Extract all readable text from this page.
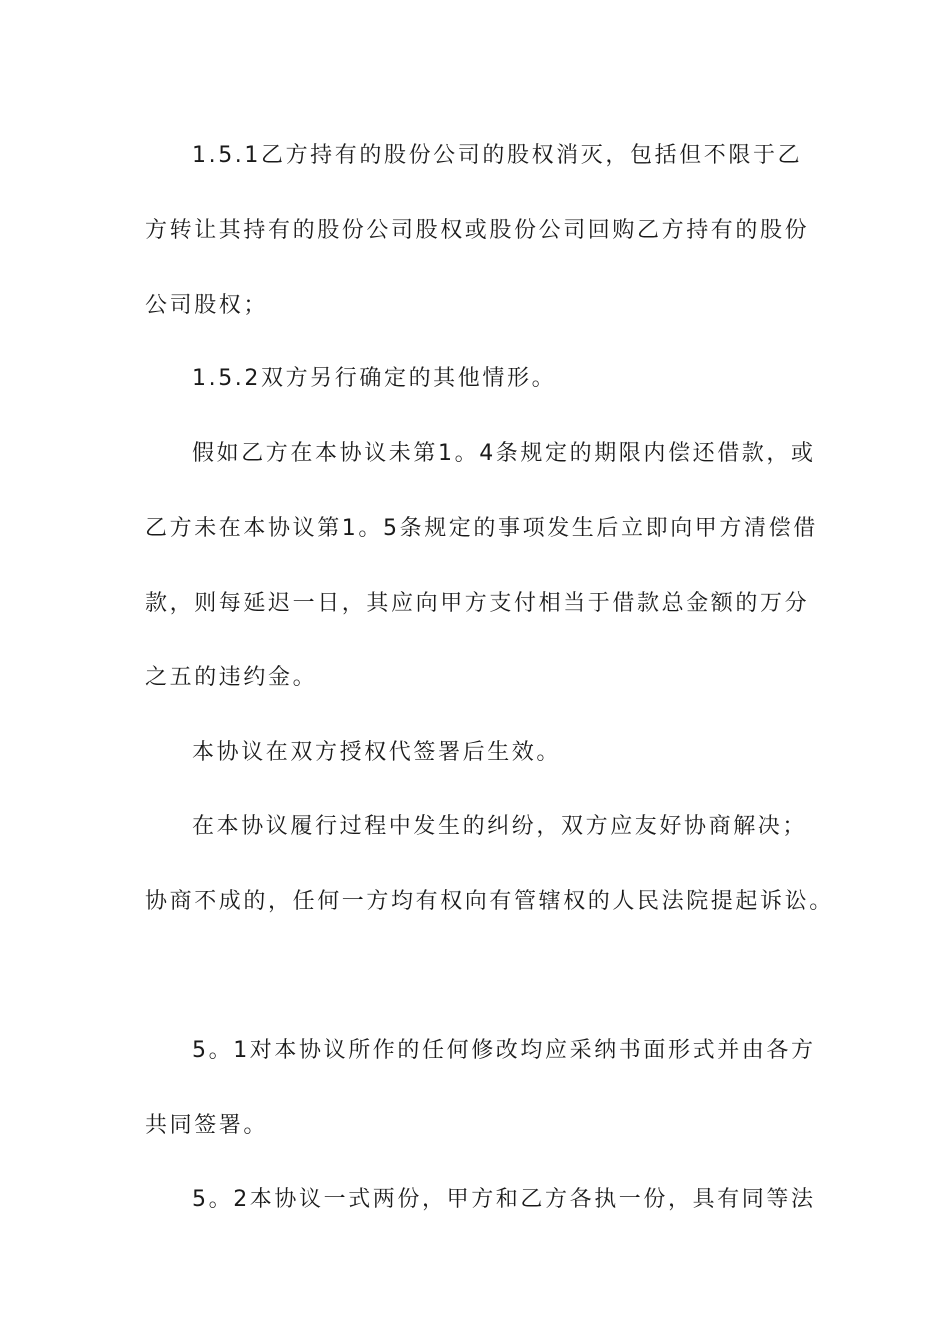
1.5.1乙方持有的股份公司的股权消灭，包括但不限于乙
方转让其持有的股份公司股权或股份公司回购乙方持有的股份
公司股权；
1.5.2双方另行确定的其他情形。
假如乙方在本协议未第1。4条规定的期限内偿还借款，或
乙方未在本协议第1。5条规定的事项发生后立即向甲方清偿借
款，则每延迟一日，其应向甲方支付相当于借款总金额的万分
之五的违约金。
本协议在双方授权代签署后生效。
在本协议履行过程中发生的纠纷，双方应友好协商解决；
协商不成的，任何一方均有权向有管辖权的人民法院提起诉讼。
5。1对本协议所作的任何修改均应采纳书面形式并由各方
共同签署。
5。2本协议一式两份，甲方和乙方各执一份，具有同等法
